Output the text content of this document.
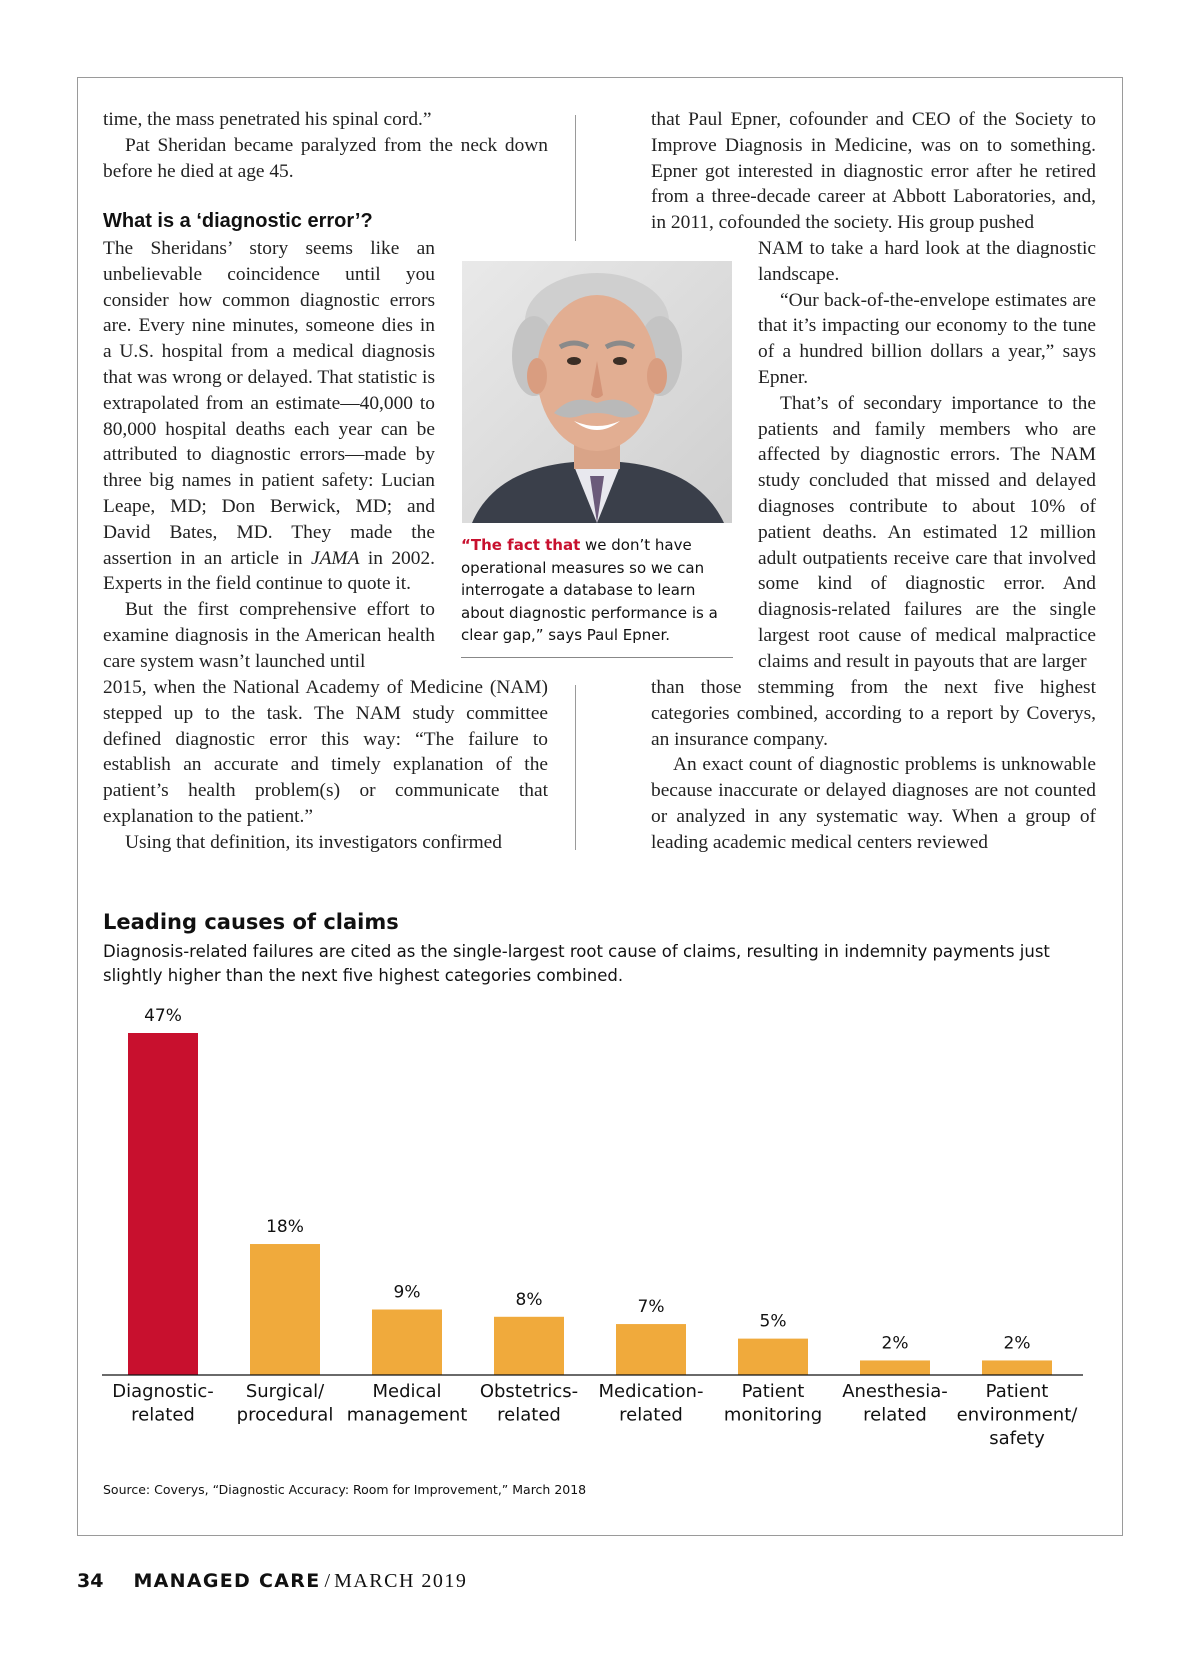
time, the mass penetrated his spinal cord.”

Pat Sheridan became paralyzed from the neck down before he died at age 45.

What is a ‘diagnostic error’?

The Sheridans’ story seems like an unbelievable coincidence until you consider how common diagnostic errors are. Every nine minutes, someone dies in a U.S. hospital from a medical diagnosis that was wrong or delayed. That statistic is extrapolated from an estimate—40,000 to 80,000 hospital deaths each year can be attributed to diagnostic errors—made by three big names in patient safety: Lucian Leape, MD; Don Berwick, MD; and David Bates, MD. They made the assertion in an article in JAMA in 2002. Experts in the field continue to quote it.

But the first comprehensive effort to examine diagnosis in the American health care system wasn’t launched until

2015, when the National Academy of Medicine (NAM) stepped up to the task. The NAM study committee defined diagnostic error this way: “The failure to establish an accurate and timely explanation of the patient’s health problem(s) or communicate that explanation to the patient.”

Using that definition, its investigators confirmed

that Paul Epner, cofounder and CEO of the Society to Improve Diagnosis in Medicine, was on to something. Epner got interested in diagnostic error after he retired from a three-decade career at Abbott Laboratories, and, in 2011, cofounded the society. His group pushed

NAM to take a hard look at the diagnostic landscape.

“Our back-of-the-envelope estimates are that it’s impacting our economy to the tune of a hundred billion dollars a year,” says Epner.

That’s of secondary importance to the patients and family members who are affected by diagnostic errors. The NAM study concluded that missed and delayed diagnoses contribute to about 10% of patient deaths. An estimated 12 million adult outpatients receive care that involved some kind of diagnostic error. And diagnosis-related failures are the single largest root cause of medical malpractice claims and result in payouts that are larger

than those stemming from the next five highest categories combined, according to a report by Coverys, an insurance company.

An exact count of diagnostic problems is unknowable because inaccurate or delayed diagnoses are not counted or analyzed in any systematic way. When a group of leading academic medical centers reviewed

“The fact that we don’t have operational measures so we can interrogate a database to learn about diagnostic performance is a clear gap,” says Paul Epner.

Leading causes of claims

Diagnosis-related failures are cited as the single-largest root cause of claims, resulting in indemnity payments just slightly higher than the next five highest categories combined.

47%
18%
9%	8%	7%
5%
2%	2%
Diagnostic-related
Surgical/ procedural
Medical management
Obstetrics-related
Medication-related
Patient monitoring
Anesthesia-related
Patient environment/ safety

Source: Coverys, “Diagnostic Accuracy: Room for Improvement,” March 2018

34 MANAGED CARE / MARCH 2019
